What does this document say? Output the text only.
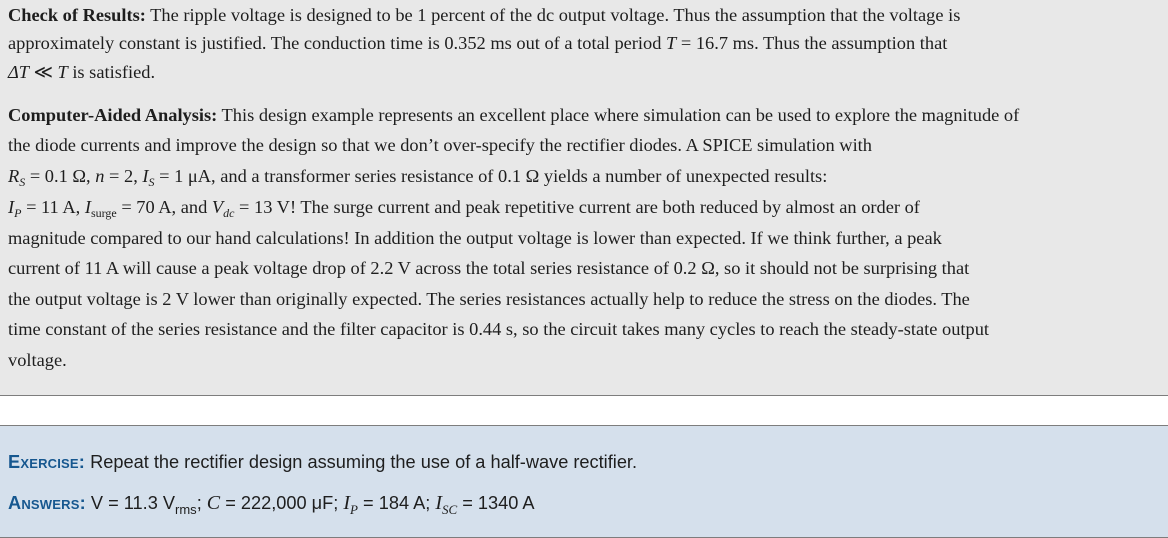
Check of Results: The ripple voltage is designed to be 1 percent of the dc output voltage. Thus the assumption that the voltage is
approximately constant is justified. The conduction time is 0.352 ms out of a total period T = 16.7 ms. Thus the assumption that
ΔT ≪ T is satisfied.
Computer-Aided Analysis: This design example represents an excellent place where simulation can be used to explore the magnitude of
the diode currents and improve the design so that we don’t over-specify the rectifier diodes. A SPICE simulation with
$R_S = 0.1$ Ω, n = 2, $I_S = 1$ μA, and a transformer series resistance of 0.1 Ω yields a number of unexpected results:
$I_P = 11$ A, $I_{surge} = 70$ A, and $V_{dc} = 13$ V! The surge current and peak repetitive current are both reduced by almost an order of
magnitude compared to our hand calculations! In addition the output voltage is lower than expected. If we think further, a peak
current of 11 A will cause a peak voltage drop of 2.2 V across the total series resistance of 0.2 Ω, so it should not be surprising that
the output voltage is 2 V lower than originally expected. The series resistances actually help to reduce the stress on the diodes. The
time constant of the series resistance and the filter capacitor is 0.44 s, so the circuit takes many cycles to reach the steady-state output
voltage.
Exercise: Repeat the rectifier design assuming the use of a half-wave rectifier.
Answers: V = 11.3 $V_{rms}$; C = 222,000 μF; $I_P = 184$ A; $I_{SC} = 1340$ A
